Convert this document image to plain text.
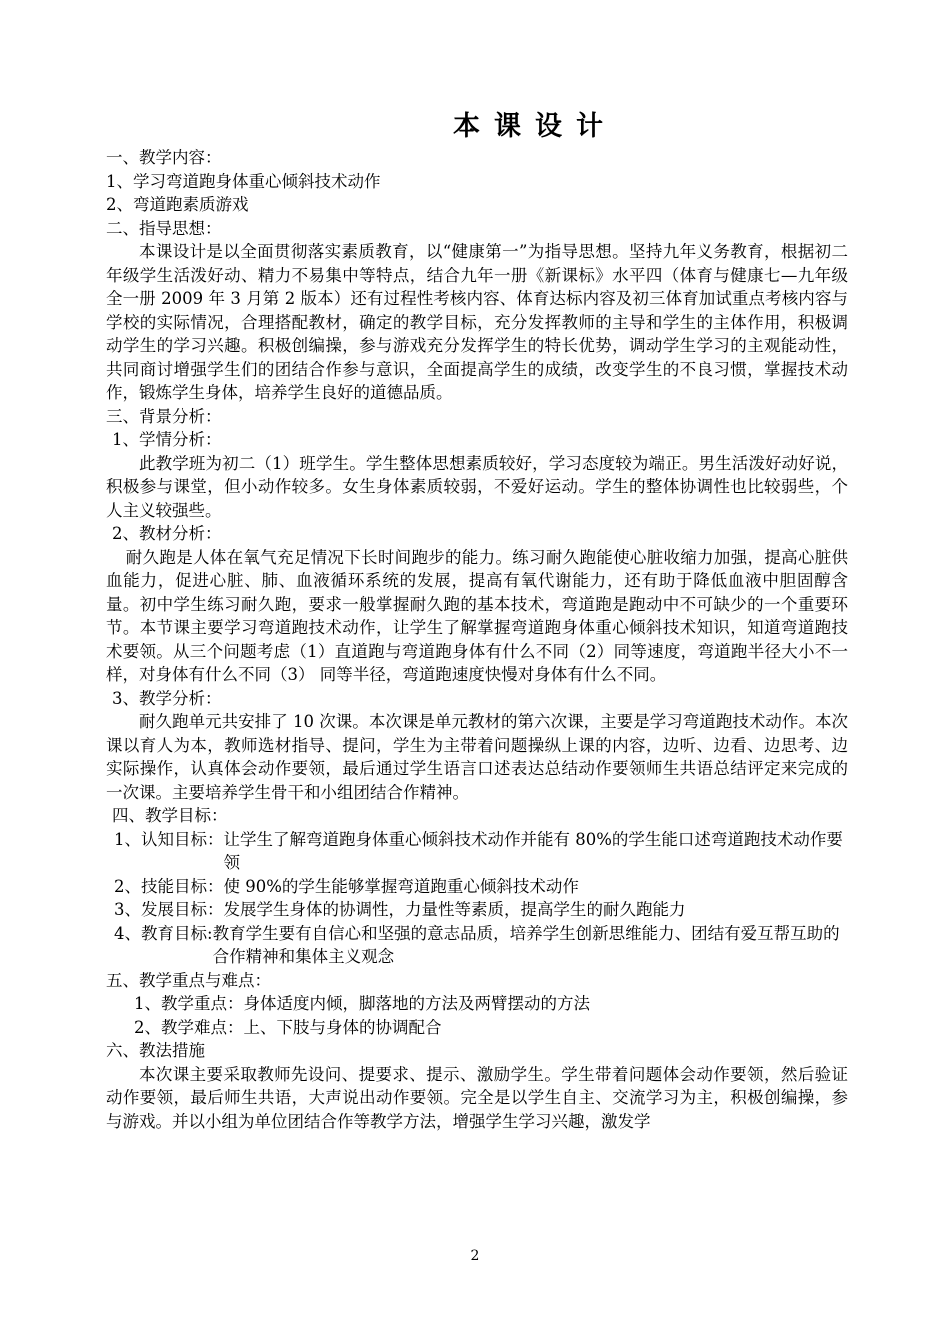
本课设计
一、教学内容：
1、学习弯道跑身体重心倾斜技术动作
2、弯道跑素质游戏
二、指导思想：
本课设计是以全面贯彻落实素质教育，以“健康第一”为指导思想。坚持九年义务教育，根据初二年级学生活泼好动、精力不易集中等特点，结合九年一册《新课标》水平四（体育与健康七—九年级 全一册 2009 年 3 月第 2 版本）还有过程性考核内容、体育达标内容及初三体育加试重点考核内容与学校的实际情况，合理搭配教材，确定的教学目标，充分发挥教师的主导和学生的主体作用，积极调动学生的学习兴趣。积极创编操，参与游戏充分发挥学生的特长优势，调动学生学习的主观能动性，共同商讨增强学生们的团结合作参与意识，全面提高学生的成绩，改变学生的不良习惯，掌握技术动作，锻炼学生身体，培养学生良好的道德品质。
三、背景分析：
1、学情分析：
此教学班为初二（1）班学生。学生整体思想素质较好，学习态度较为端正。男生活泼好动好说，积极参与课堂，但小动作较多。女生身体素质较弱，不爱好运动。学生的整体协调性也比较弱些，个人主义较强些。
2、教材分析：
耐久跑是人体在氧气充足情况下长时间跑步的能力。练习耐久跑能使心脏收缩力加强，提高心脏供血能力，促进心脏、肺、血液循环系统的发展，提高有氧代谢能力，还有助于降低血液中胆固醇含量。初中学生练习耐久跑，要求一般掌握耐久跑的基本技术，弯道跑是跑动中不可缺少的一个重要环节。本节课主要学习弯道跑技术动作，让学生了解掌握弯道跑身体重心倾斜技术知识，知道弯道跑技术要领。从三个问题考虑（1）直道跑与弯道跑身体有什么不同（2）同等速度，弯道跑半径大小不一样，对身体有什么不同（3） 同等半径，弯道跑速度快慢对身体有什么不同。
3、教学分析：
耐久跑单元共安排了 10 次课。本次课是单元教材的第六次课，主要是学习弯道跑技术动作。本次课以育人为本，教师选材指导、提问，学生为主带着问题操纵上课的内容，边听、边看、边思考、边实际操作，认真体会动作要领，最后通过学生语言口述表达总结动作要领师生共语总结评定来完成的一次课。主要培养学生骨干和小组团结合作精神。
四、教学目标：
1、认知目标： 让学生了解弯道跑身体重心倾斜技术动作并能有 80%的学生能口述弯道跑技术动作要领
2、技能目标： 使 90%的学生能够掌握弯道跑重心倾斜技术动作
3、发展目标： 发展学生身体的协调性，力量性等素质，提高学生的耐久跑能力
4、教育目标: 教育学生要有自信心和坚强的意志品质，培养学生创新思维能力、团结有爱互帮互助的合作精神和集体主义观念
五、教学重点与难点：
1、教学重点：身体适度内倾，脚落地的方法及两臂摆动的方法
2、教学难点：上、下肢与身体的协调配合
六、教法措施
本次课主要采取教师先设问、提要求、提示、激励学生。学生带着问题体会动作要领，然后验证动作要领，最后师生共语，大声说出动作要领。完全是以学生自主、交流学习为主，积极创编操，参与游戏。并以小组为单位团结合作等教学方法，增强学生学习兴趣，激发学
2
